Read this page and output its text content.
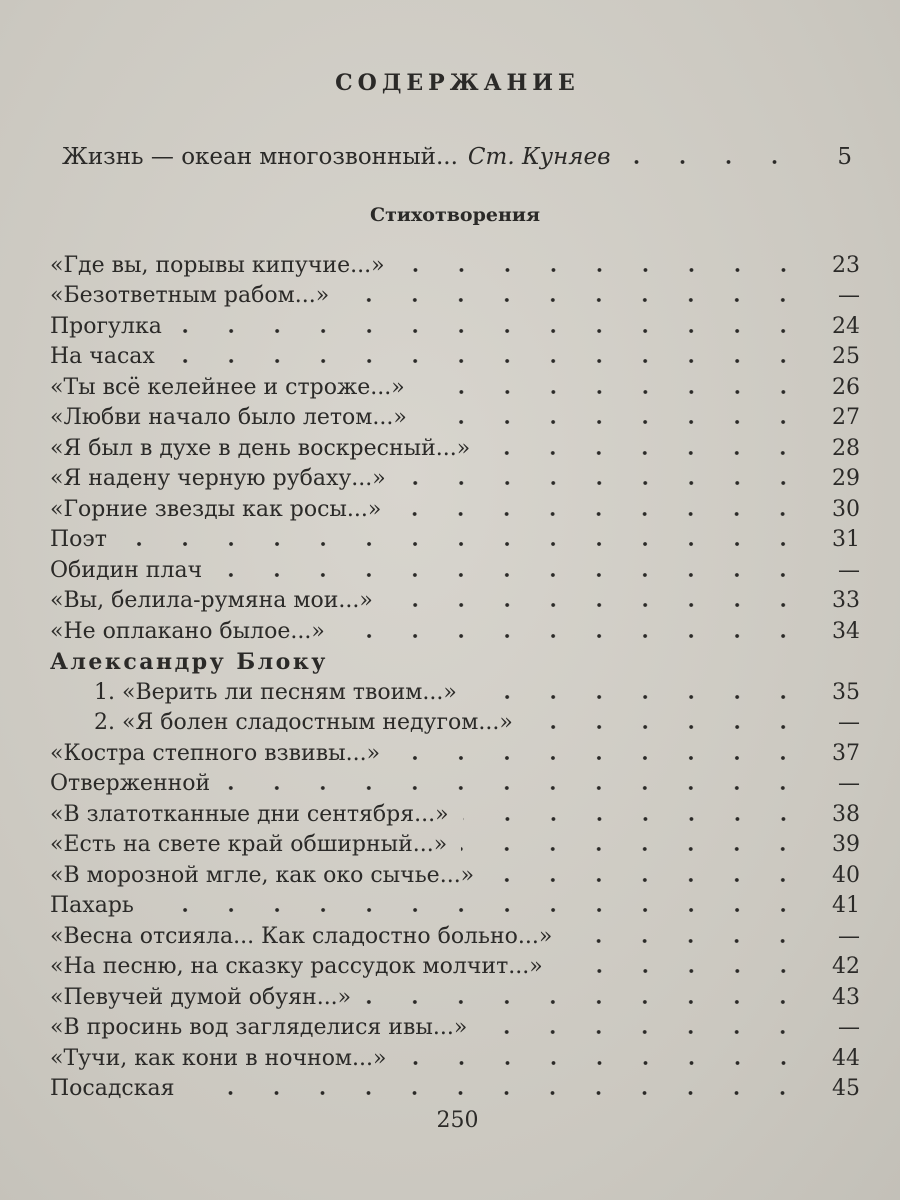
СОДЕРЖАНИЕ
Жизнь — океан многозвонный... Ст. Куняев	5
Стихотворения
«Где вы, порывы кипучие...»	23
«Безответным рабом...»	—
Прогулка	24
На часах	25
«Ты всё келейнее и строже...»	26
«Любви начало было летом...»	27
«Я был в духе в день воскресный...»	28
«Я надену черную рубаху...»	29
«Горние звезды как росы...»	30
Поэт	31
Обидин плач	—
«Вы, белила-румяна мои...»	33
«Не оплакано былое...»	34
Александру Блоку
1. «Верить ли песням твоим...»	35
2. «Я болен сладостным недугом...»	—
«Костра степного взвивы...»	37
Отверженной	—
«В златотканные дни сентября...»	38
«Есть на свете край обширный...»	39
«В морозной мгле, как око сычье...»	40
Пахарь	41
«Весна отсияла... Как сладостно больно...»	—
«На песню, на сказку рассудок молчит...»	42
«Певучей думой обуян...»	43
«В просинь вод загляделися ивы...»	—
«Тучи, как кони в ночном...»	44
Посадская	45
250
